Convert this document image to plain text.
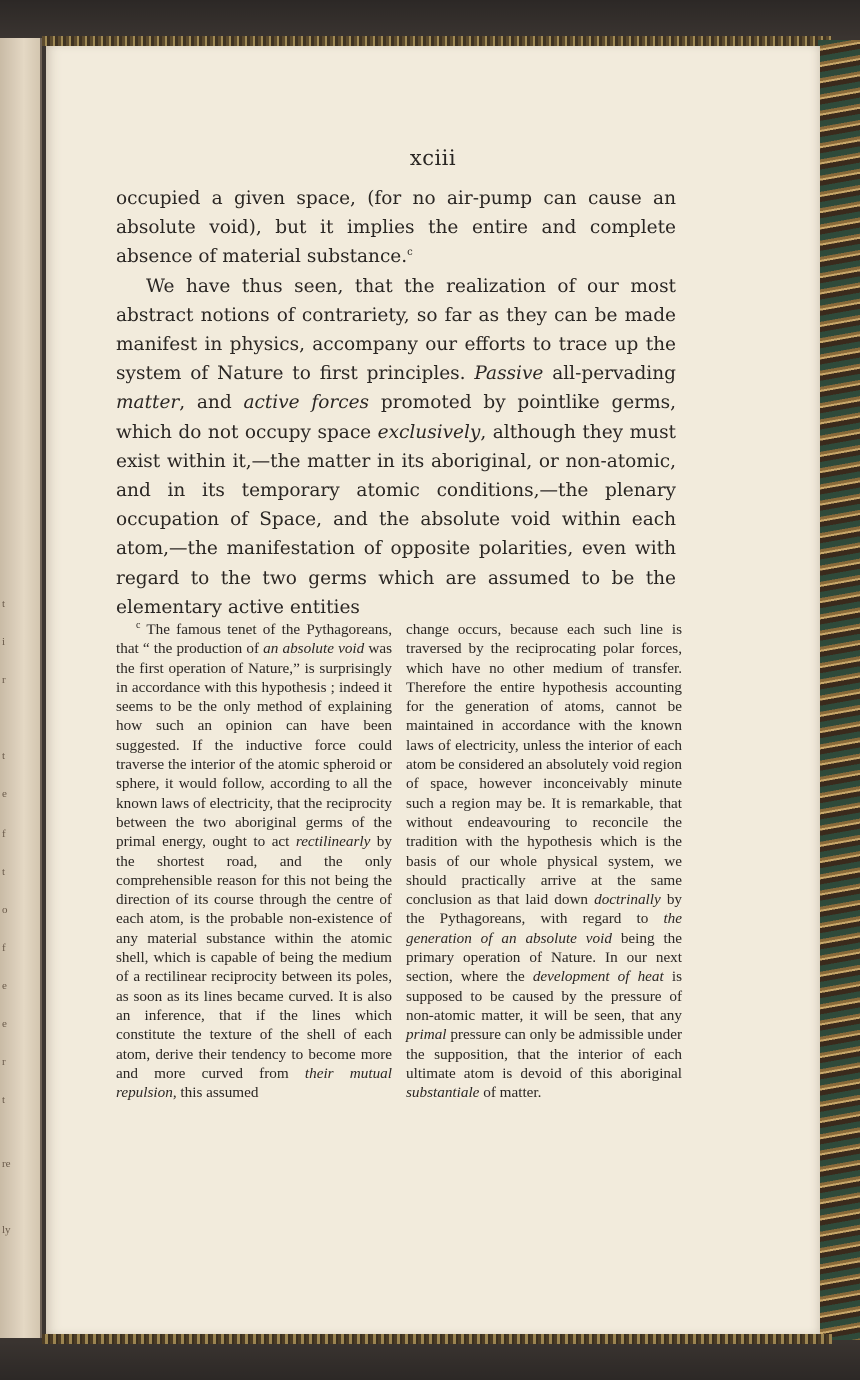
t
i
r
t
e
f
t
o
f
e
e
r
t
re
ly
xciii

occupied a given space, (for no air-pump can cause an absolute void), but it implies the entire and complete absence of material substance.$^c$

We have thus seen, that the realization of our most abstract notions of contrariety, so far as they can be made manifest in physics, accompany our efforts to trace up the system of Nature to first principles. Passive all-pervading matter, and active forces promoted by pointlike germs, which do not occupy space exclusively, although they must exist within it,—the matter in its aboriginal, or non-atomic, and in its temporary atomic conditions,—the plenary occupation of Space, and the absolute void within each atom,—the manifestation of opposite polarities, even with regard to the two germs which are assumed to be the elementary active entities

$^c$ The famous tenet of the Pythagoreans, that “ the production of an absolute void was the first operation of Nature,” is surprisingly in accordance with this hypothesis ; indeed it seems to be the only method of explaining how such an opinion can have been suggested. If the inductive force could traverse the interior of the atomic spheroid or sphere, it would follow, according to all the known laws of electricity, that the reciprocity between the two aboriginal germs of the primal energy, ought to act rectilinearly by the shortest road, and the only comprehensible reason for this not being the direction of its course through the centre of each atom, is the probable non-existence of any material substance within the atomic shell, which is capable of being the medium of a rectilinear reciprocity between its poles, as soon as its lines became curved. It is also an inference, that if the lines which constitute the texture of the shell of each atom, derive their tendency to become more and more curved from their mutual repulsion, this assumed

change occurs, because each such line is traversed by the reciprocating polar forces, which have no other medium of transfer. Therefore the entire hypothesis accounting for the generation of atoms, cannot be maintained in accordance with the known laws of electricity, unless the interior of each atom be considered an absolutely void region of space, however inconceivably minute such a region may be. It is remarkable, that without endeavouring to reconcile the tradition with the hypothesis which is the basis of our whole physical system, we should practically arrive at the same conclusion as that laid down doctrinally by the Pythagoreans, with regard to the generation of an absolute void being the primary operation of Nature. In our next section, where the development of heat is supposed to be caused by the pressure of non-atomic matter, it will be seen, that any primal pressure can only be admissible under the supposition, that the interior of each ultimate atom is devoid of this aboriginal substantiale of matter.
